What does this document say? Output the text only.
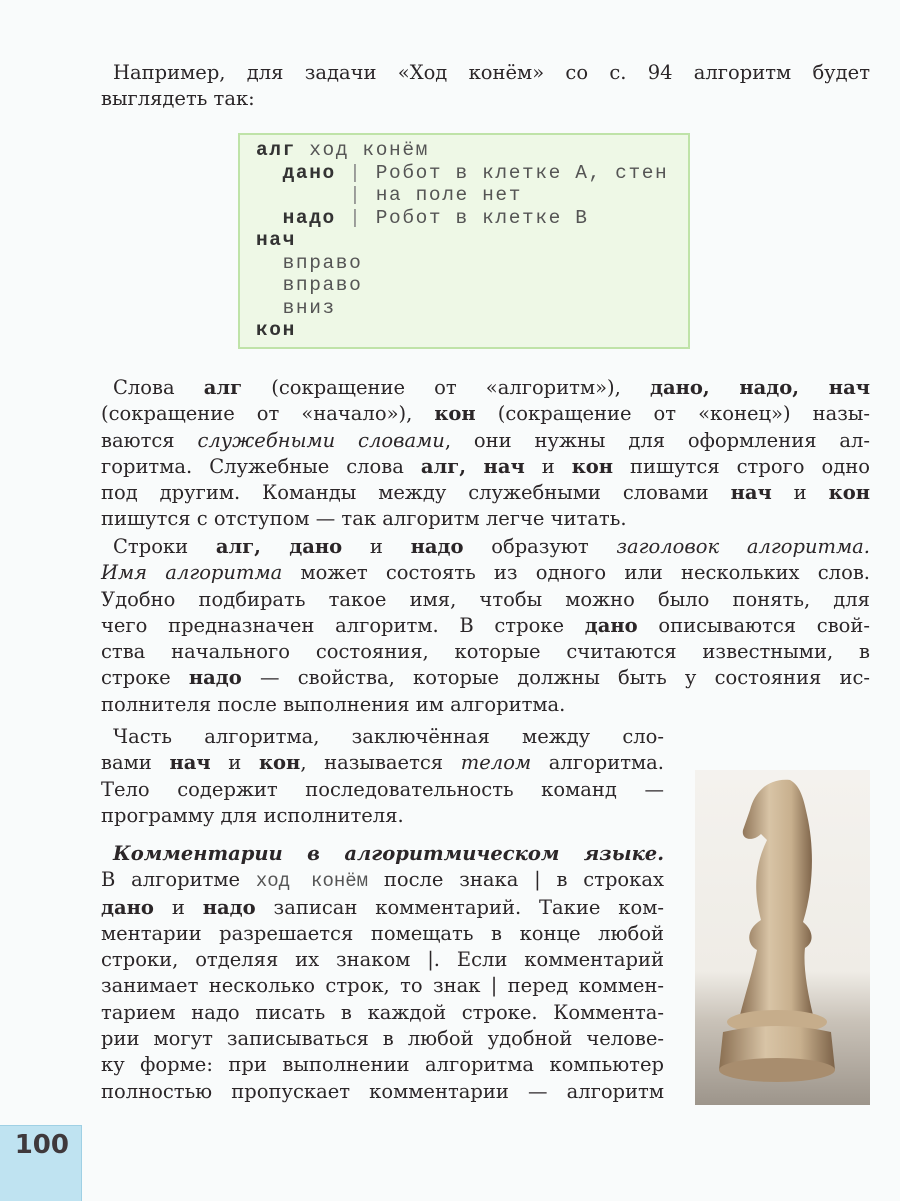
алг ход конём
дано | Робот в клетке А, стен
| на поле нет
надо | Робот в клетке В
нач
вправо
вправо
вниз
кон
Например, для задачи «Ход конём» со с. 94 алгоритм будет
выглядеть так:
Слова алг (сокращение от «алгоритм»), дано, надо, нач
(сокращение от «начало»), кон (сокращение от «конец») назы-
ваются служебными словами, они нужны для оформления ал-
горитма. Служебные слова алг, нач и кон пишутся строго одно
под другим. Команды между служебными словами нач и кон
пишутся с отступом — так алгоритм легче читать.
Строки алг, дано и надо образуют заголовок алгоритма.
Имя алгоритма может состоять из одного или нескольких слов.
Удобно подбирать такое имя, чтобы можно было понять, для
чего предназначен алгоритм. В строке дано описываются свой-
ства начального состояния, которые считаются известными, в
строке надо — свойства, которые должны быть у состояния ис-
полнителя после выполнения им алгоритма.
Часть алгоритма, заключённая между сло-
вами нач и кон, называется телом алгоритма.
Тело содержит последовательность команд —
программу для исполнителя.
Комментарии в алгоритмическом языке.
В алгоритме ход конём после знака | в строках
дано и надо записан комментарий. Такие ком-
ментарии разрешается помещать в конце любой
строки, отделяя их знаком |. Если комментарий
занимает несколько строк, то знак | перед коммен-
тарием надо писать в каждой строке. Коммента-
рии могут записываться в любой удобной челове-
ку форме: при выполнении алгоритма компьютер
полностью пропускает комментарии — алгоритм
100
